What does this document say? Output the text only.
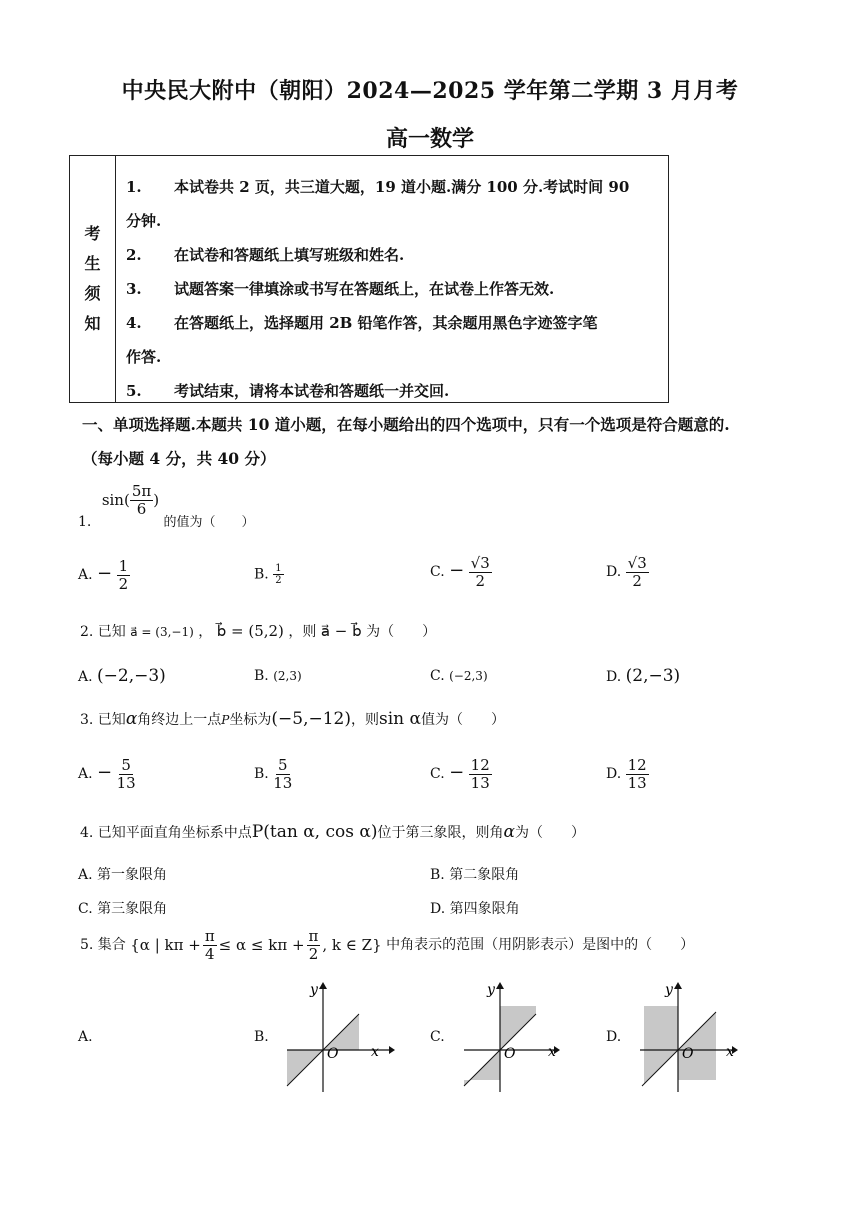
中央民大附中（朝阳）2024—2025 学年第二学期 3 月月考
高一数学
考
生
须
知
1. 本试卷共 2 页，共三道大题，19 道小题.满分 100 分.考试时间 90
分钟.
2. 在试卷和答题纸上填写班级和姓名.
3. 试题答案一律填涂或书写在答题纸上，在试卷上作答无效.
4. 在答题纸上，选择题用 2B 铅笔作答，其余题用黑色字迹签字笔
作答.
5. 考试结束，请将本试卷和答题纸一并交回.
一、单项选择题.本题共 10 道小题，在每小题给出的四个选项中，只有一个选项是符合题意的.
（每小题 4 分，共 40 分）
1.
$\sin( \frac{5\pi}{6}$ )
的值为（　　）
A. − $\frac{1}{2}$	B. $\frac{1}{2}$	C. − $\frac{√3}{2}$	D. $\frac{√3}{2}$
2. 已知 a⃗ = (3,−1) ， b⃗ = (5,2) ，则 a⃗ − b⃗ 为（　　）
A. (−2,−3)	B. (2,3)	C. (−2,3)	D. (2,−3)
3. 已知α角终边上一点P坐标为(−5,−12)，则sin α值为（　　）
A. − $\frac{5}{13}$	B. $\frac{5}{13}$	C. − $\frac{12}{13}$	D. $\frac{12}{13}$
4. 已知平面直角坐标系中点P(tan α, cos α)位于第三象限，则角α为（　　）
A. 第一象限角	B. 第二象限角
C. 第三象限角	D. 第四象限角
5. 集合 {α | $k\pi + \frac{\pi}{4} \le \alpha \le k\pi + \frac{\pi}{2}$ , k ∈ Z} 中角表示的范围（用阴影表示）是图中的（　　）
A.	B.	C.	D.
y
x
O
y
x
O
y
x
O
